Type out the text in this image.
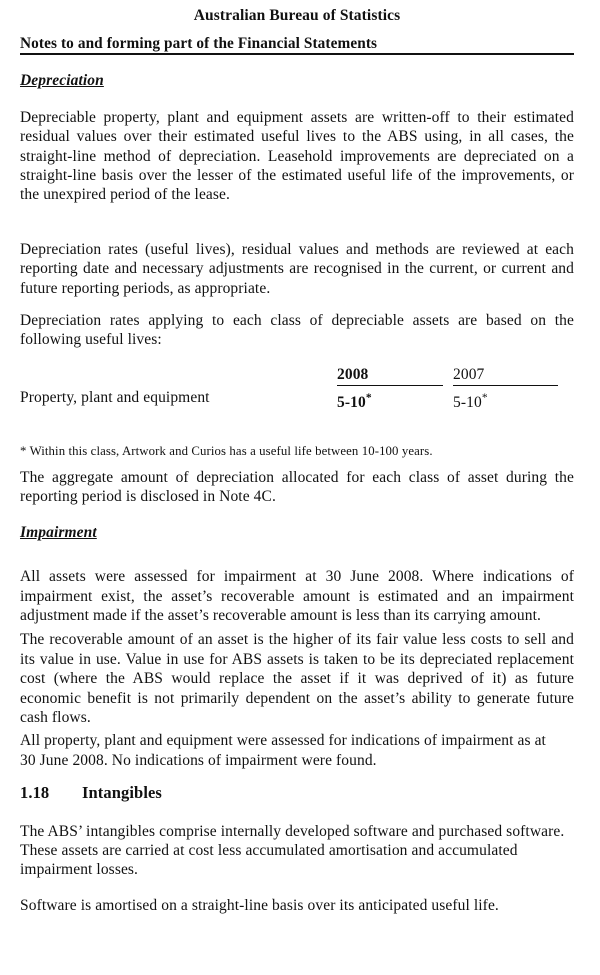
Australian Bureau of Statistics
Notes to and forming part of the Financial Statements
Depreciation
Depreciable property, plant and equipment assets are written-off to their estimated
residual values over their estimated useful lives to the ABS using, in all cases, the
straight-line method of depreciation. Leasehold improvements are depreciated on a
straight-line basis over the lesser of the estimated useful life of the improvements, or
the unexpired period of the lease.
Depreciation rates (useful lives), residual values and methods are reviewed at each
reporting date and necessary adjustments are recognised in the current, or current and
future reporting periods, as appropriate.
Depreciation rates applying to each class of depreciable assets are based on the
following useful lives:
Property, plant and equipment
2008
5-10*
2007
5-10*
* Within this class, Artwork and Curios has a useful life between 10-100 years.
The aggregate amount of depreciation allocated for each class of asset during the
reporting period is disclosed in Note 4C.
Impairment
All assets were assessed for impairment at 30 June 2008. Where indications of
impairment exist, the asset’s recoverable amount is estimated and an impairment
adjustment made if the asset’s recoverable amount is less than its carrying amount.
The recoverable amount of an asset is the higher of its fair value less costs to sell and
its value in use. Value in use for ABS assets is taken to be its depreciated replacement
cost (where the ABS would replace the asset if it was deprived of it) as future
economic benefit is not primarily dependent on the asset’s ability to generate future
cash flows.
All property, plant and equipment were assessed for indications of impairment as at
30 June 2008. No indications of impairment were found.
1.18 Intangibles
The ABS’ intangibles comprise internally developed software and purchased software.
These assets are carried at cost less accumulated amortisation and accumulated
impairment losses.
Software is amortised on a straight-line basis over its anticipated useful life.
